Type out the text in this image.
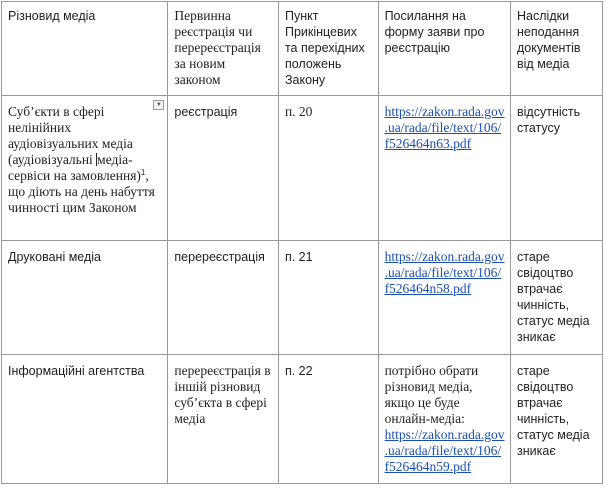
Різновид медіа	Первинна реєстрація чи перереєстрація за новим законом	Пункт Прикінцевих та перехідних положень Закону	Посилання на форму заяви про реєстрацію	Наслідки неподання документів від медіа

▼
Суб’єкти в сфері нелінійних аудіовізуальних медіа (аудіовізуальні медіа-сервіси на замовлення)$^1$, що діють на день набуття чинності цим Законом	реєстрація	п. 20	https://zakon.rada.gov.ua/rada/file/text/106/f526464n63.pdf	відсутність статусу
Друковані медіа	перереєстрація	п. 21	https://zakon.rada.gov.ua/rada/file/text/106/f526464n58.pdf	старе свідоцтво втрачає чинність, статус медіа зникає
Інформаційні агентства	перереєстрація в іншій різновид суб’єкта в сфері медіа	п. 22	потрібно обрати різновид медіа, якщо це буде онлайн-медіа: https://zakon.rada.gov.ua/rada/file/text/106/f526464n59.pdf	старе свідоцтво втрачає чинність, статус медіа зникає
